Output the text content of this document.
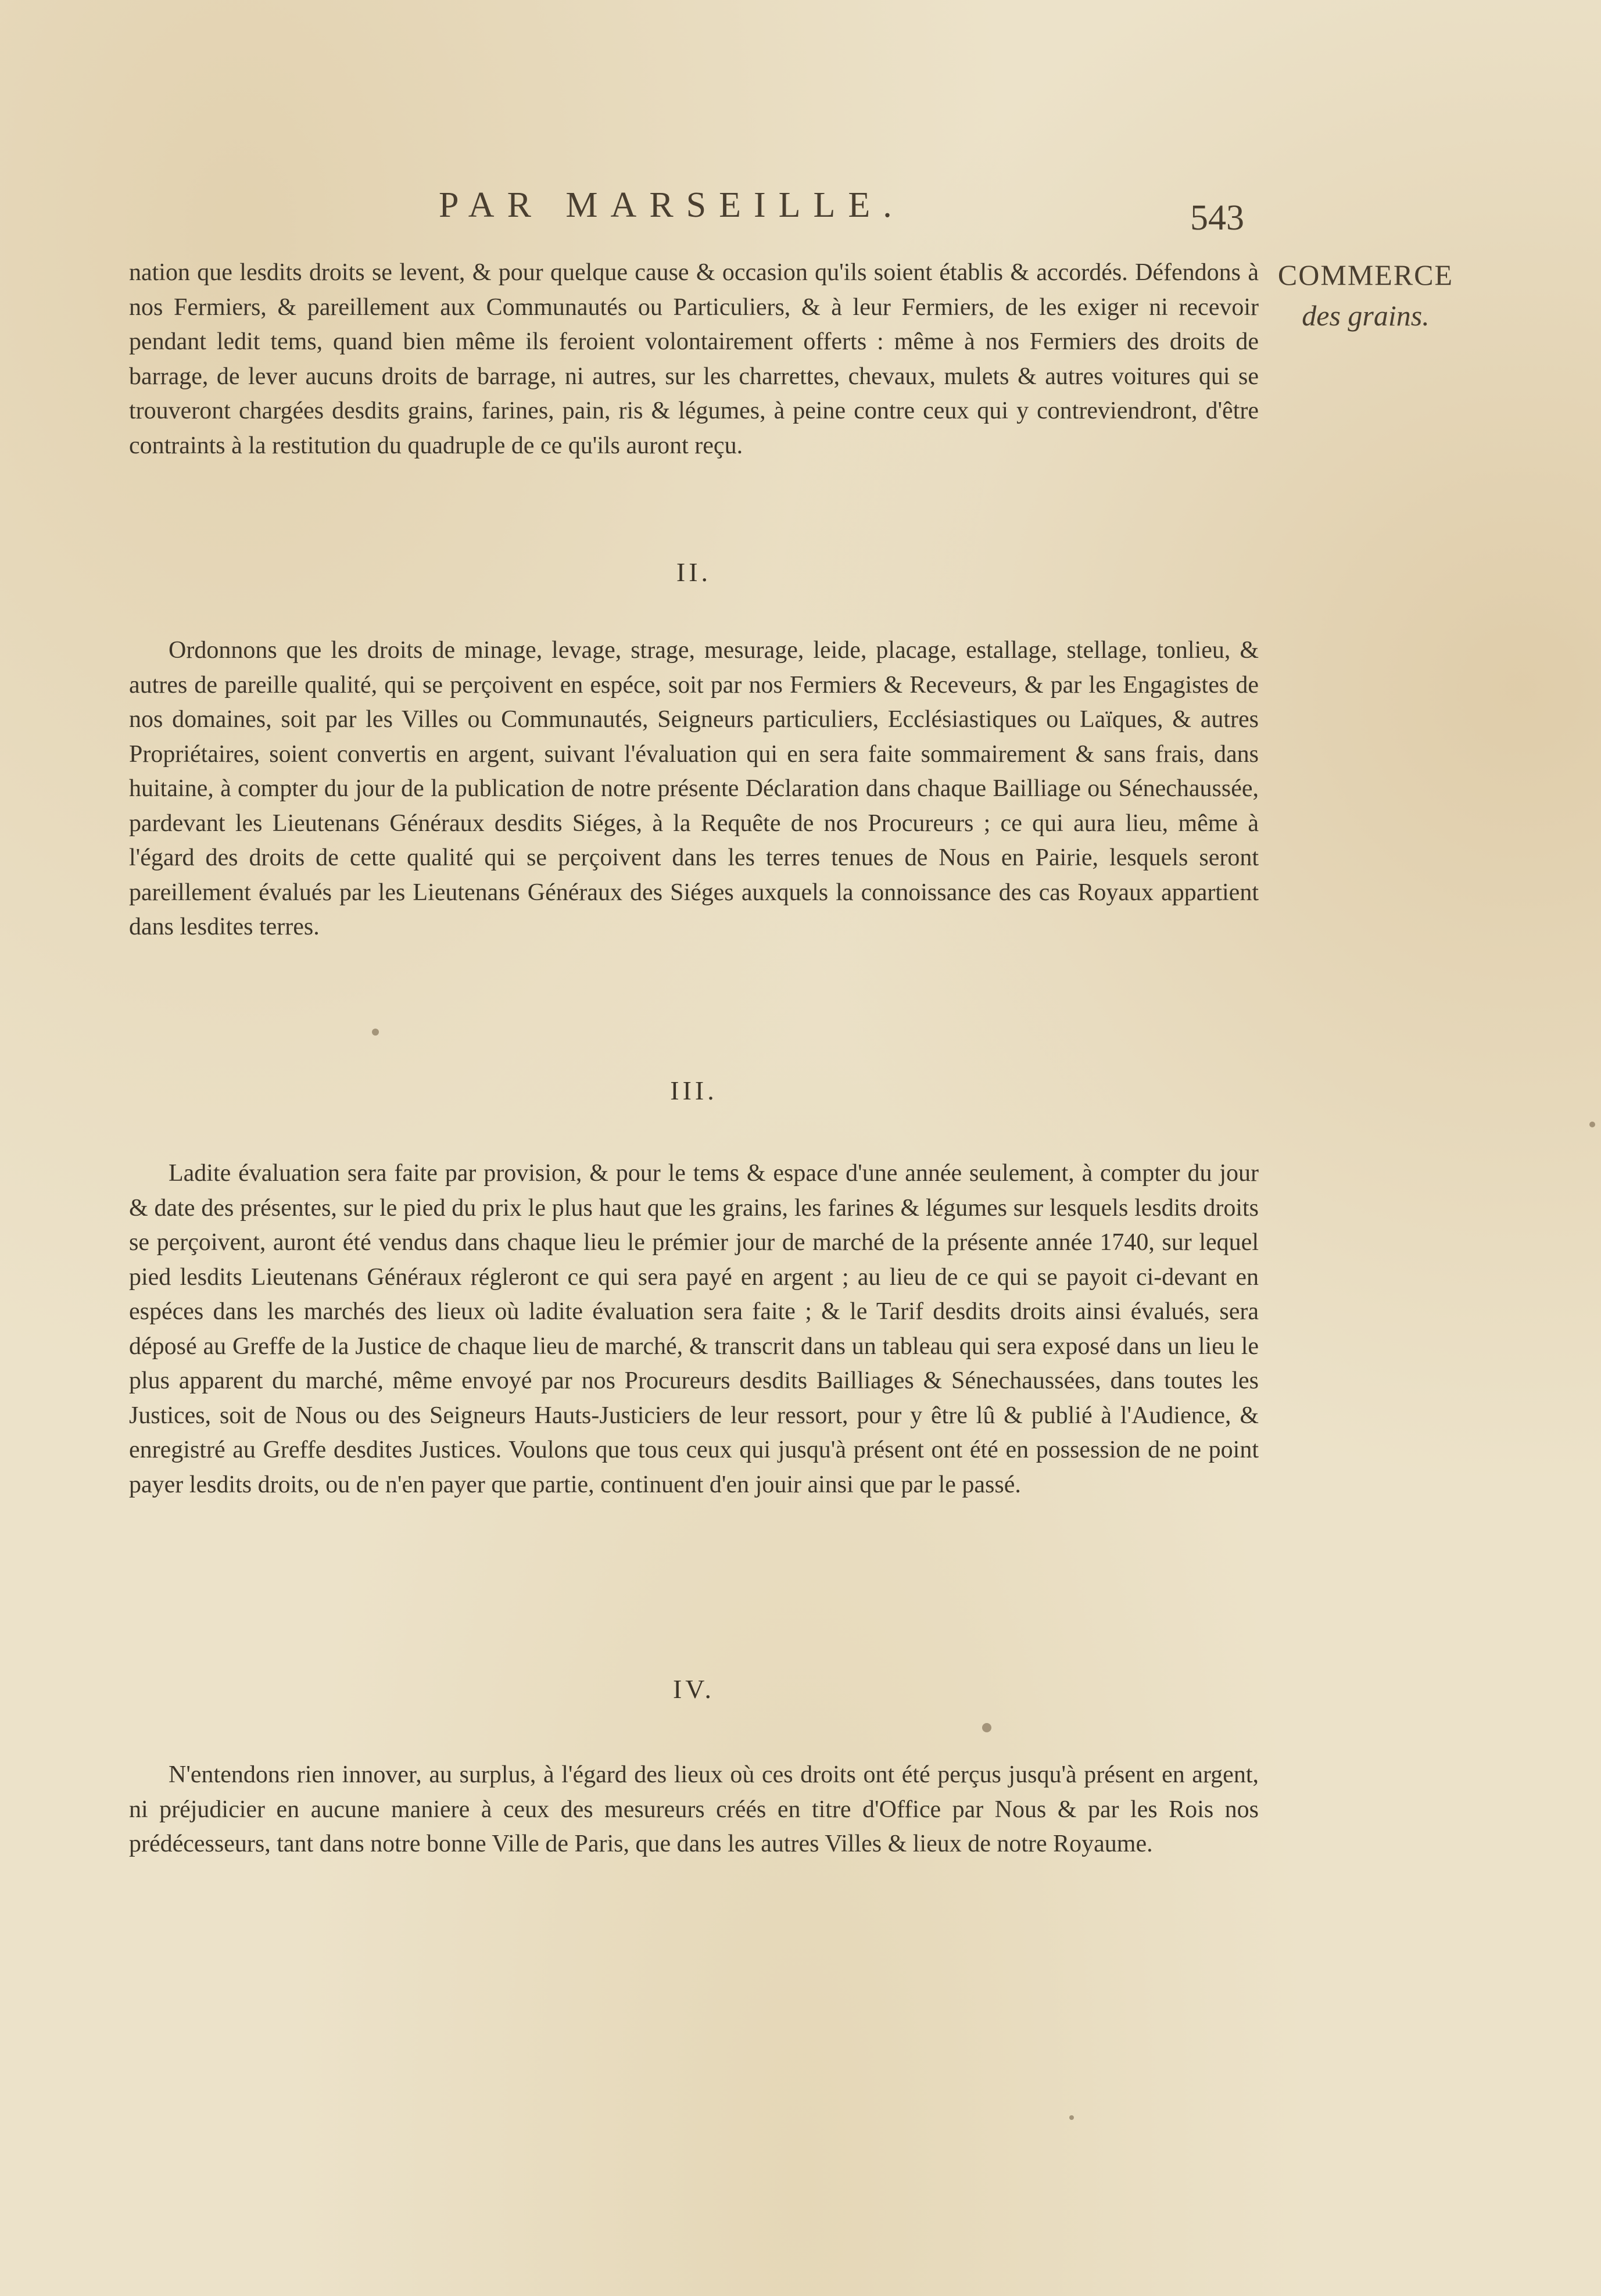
PAR MARSEILLE.	543
COMMERCE
des grains.

nation que lesdits droits se levent, & pour quelque cause & occasion qu'ils soient établis & accordés. Défendons à nos Fermiers, & pareillement aux Communautés ou Particuliers, & à leur Fermiers, de les exiger ni recevoir pendant ledit tems, quand bien même ils feroient volontairement offerts : même à nos Fermiers des droits de barrage, de lever aucuns droits de barrage, ni autres, sur les charrettes, chevaux, mulets & autres voitures qui se trouveront chargées desdits grains, farines, pain, ris & légumes, à peine contre ceux qui y contreviendront, d'être contraints à la restitution du quadruple de ce qu'ils auront reçu.

II.

Ordonnons que les droits de minage, levage, strage, mesurage, leide, placage, estallage, stellage, tonlieu, & autres de pareille qualité, qui se perçoivent en espéce, soit par nos Fermiers & Receveurs, & par les Engagistes de nos domaines, soit par les Villes ou Communautés, Seigneurs particuliers, Ecclésiastiques ou Laïques, & autres Propriétaires, soient convertis en argent, suivant l'évaluation qui en sera faite sommairement & sans frais, dans huitaine, à compter du jour de la publication de notre présente Déclaration dans chaque Bailliage ou Sénechaussée, pardevant les Lieutenans Généraux desdits Siéges, à la Requête de nos Procureurs ; ce qui aura lieu, même à l'égard des droits de cette qualité qui se perçoivent dans les terres tenues de Nous en Pairie, lesquels seront pareillement évalués par les Lieutenans Généraux des Siéges auxquels la connoissance des cas Royaux appartient dans lesdites terres.

III.

Ladite évaluation sera faite par provision, & pour le tems & espace d'une année seulement, à compter du jour & date des présentes, sur le pied du prix le plus haut que les grains, les farines & légumes sur lesquels lesdits droits se perçoivent, auront été vendus dans chaque lieu le prémier jour de marché de la présente année 1740, sur lequel pied lesdits Lieutenans Généraux régleront ce qui sera payé en argent ; au lieu de ce qui se payoit ci-devant en espéces dans les marchés des lieux où ladite évaluation sera faite ; & le Tarif desdits droits ainsi évalués, sera déposé au Greffe de la Justice de chaque lieu de marché, & transcrit dans un tableau qui sera exposé dans un lieu le plus apparent du marché, même envoyé par nos Procureurs desdits Bailliages & Sénechaussées, dans toutes les Justices, soit de Nous ou des Seigneurs Hauts-Justiciers de leur ressort, pour y être lû & publié à l'Audience, & enregistré au Greffe desdites Justices. Voulons que tous ceux qui jusqu'à présent ont été en possession de ne point payer lesdits droits, ou de n'en payer que partie, continuent d'en jouir ainsi que par le passé.

IV.

N'entendons rien innover, au surplus, à l'égard des lieux où ces droits ont été perçus jusqu'à présent en argent, ni préjudicier en aucune maniere à ceux des mesureurs créés en titre d'Office par Nous & par les Rois nos prédécesseurs, tant dans notre bonne Ville de Paris, que dans les autres Villes & lieux de notre Royaume.
